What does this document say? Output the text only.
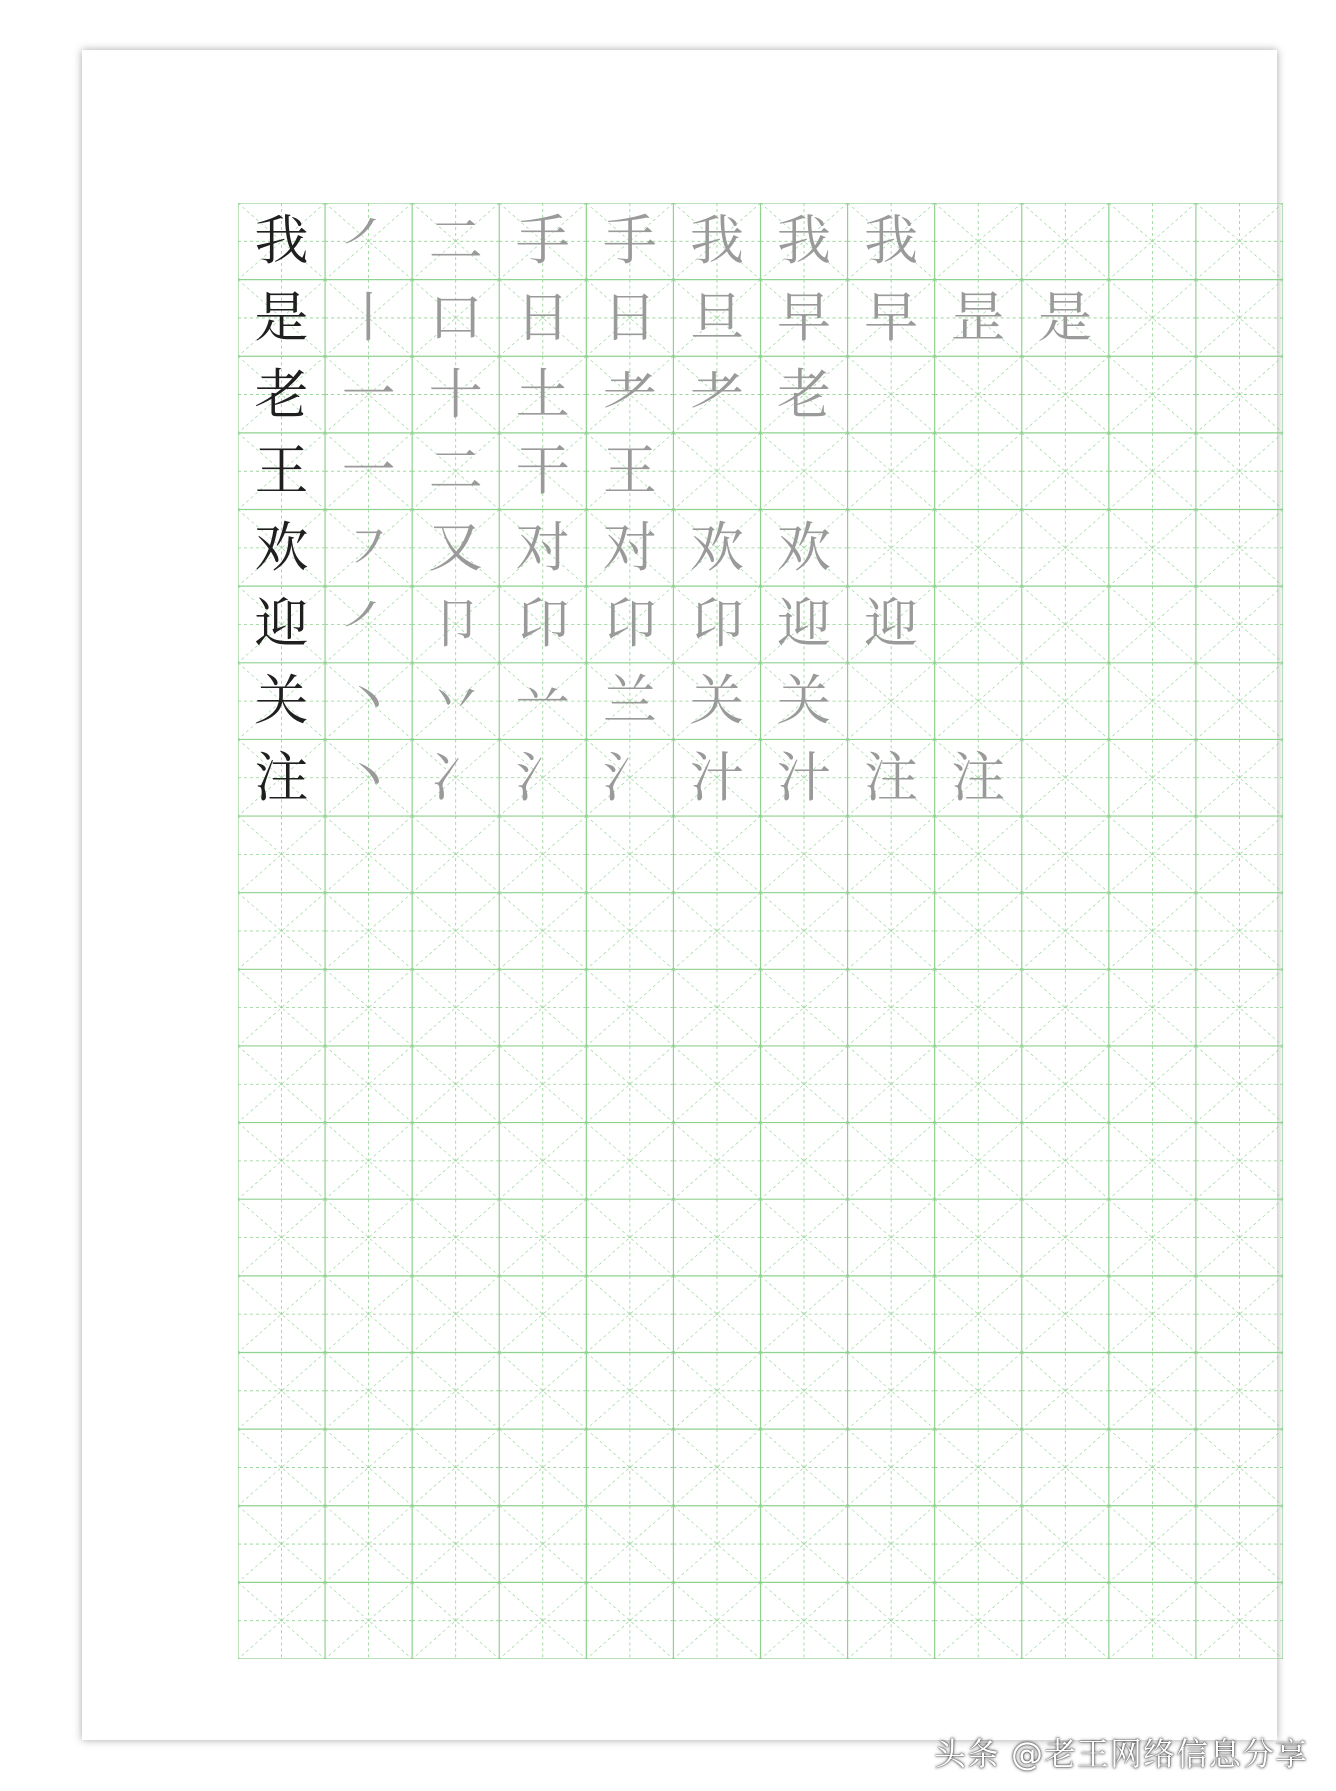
我 ㇒ 二 手 手 我 我 我
是 丨 口 日 日 旦 早 早 昰 是
老 一 十 土 耂 耂 老
王 一 二 干 王
欢 ㇇ 又 对 对 欢 欢
迎 ㇒ 卩 卬 卬 卬 迎 迎
关 丶 丷 䒑 兰 关 关
注 丶 冫 氵 氵 汁 汁 注 注
头条 @老王网络信息分享
